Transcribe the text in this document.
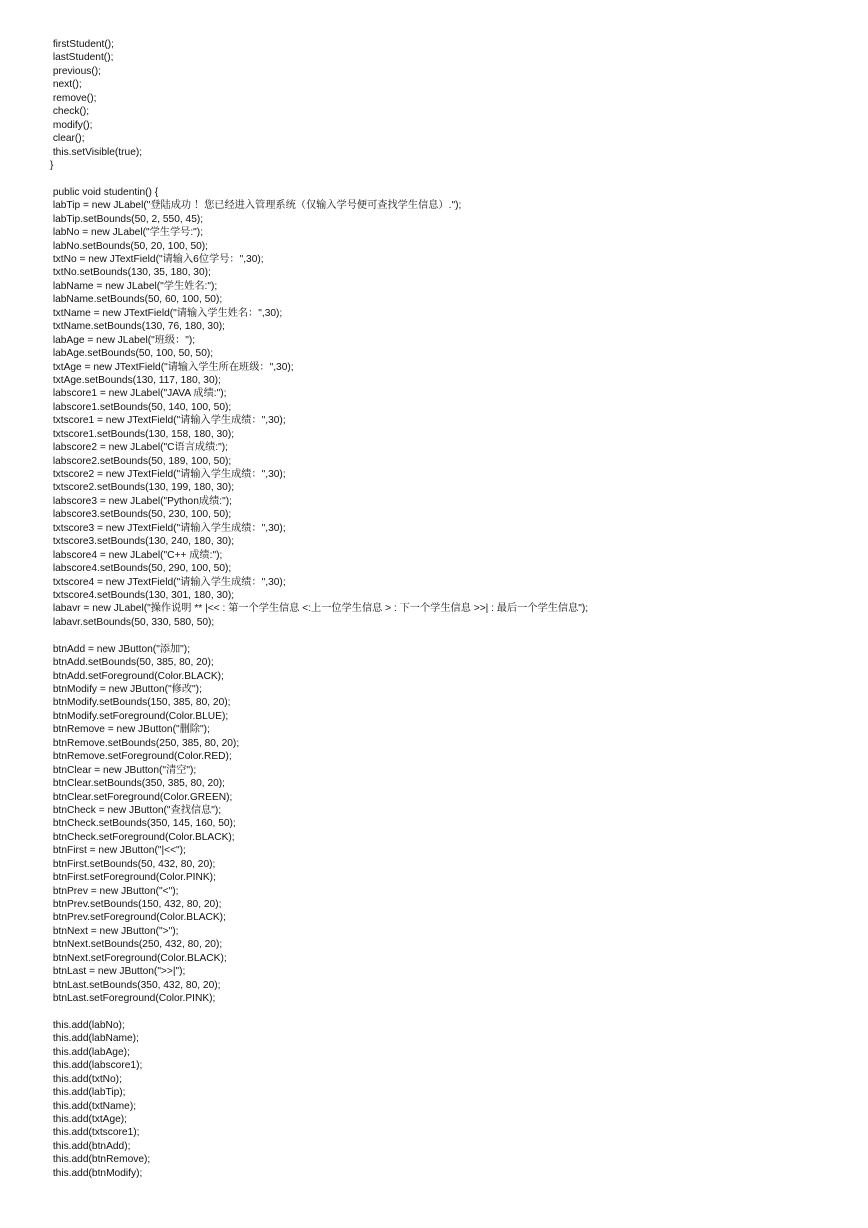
firstStudent();
lastStudent();
previous();
next();
remove();
check();
modify();
clear();
this.setVisible(true);
}
public void studentin() {
labTip = new JLabel("登陆成功 ！您已经进入管理系统（仅输入学号便可查找学生信息）.");
labTip.setBounds(50, 2, 550, 45);
labNo = new JLabel("学生学号:");
labNo.setBounds(50, 20, 100, 50);
txtNo = new JTextField("请输入6位学号：",30);
txtNo.setBounds(130, 35, 180, 30);
labName = new JLabel("学生姓名:");
labName.setBounds(50, 60, 100, 50);
txtName = new JTextField("请输入学生姓名：",30);
txtName.setBounds(130, 76, 180, 30);
labAge = new JLabel("班级：");
labAge.setBounds(50, 100, 50, 50);
txtAge = new JTextField("请输入学生所在班级：",30);
txtAge.setBounds(130, 117, 180, 30);
labscore1 = new JLabel("JAVA 成绩:");
labscore1.setBounds(50, 140, 100, 50);
txtscore1 = new JTextField("请输入学生成绩：",30);
txtscore1.setBounds(130, 158, 180, 30);
labscore2 = new JLabel("C语言成绩:");
labscore2.setBounds(50, 189, 100, 50);
txtscore2 = new JTextField("请输入学生成绩：",30);
txtscore2.setBounds(130, 199, 180, 30);
labscore3 = new JLabel("Python成绩:");
labscore3.setBounds(50, 230, 100, 50);
txtscore3 = new JTextField("请输入学生成绩：",30);
txtscore3.setBounds(130, 240, 180, 30);
labscore4 = new JLabel("C++ 成绩:");
labscore4.setBounds(50, 290, 100, 50);
txtscore4 = new JTextField("请输入学生成绩：",30);
txtscore4.setBounds(130, 301, 180, 30);
labavr = new JLabel("操作说明 ** |<< : 第一个学生信息 <:上一位学生信息 > : 下一个学生信息 >>| : 最后一个学生信息");
labavr.setBounds(50, 330, 580, 50);
btnAdd = new JButton("添加");
btnAdd.setBounds(50, 385, 80, 20);
btnAdd.setForeground(Color.BLACK);
btnModify = new JButton("修改");
btnModify.setBounds(150, 385, 80, 20);
btnModify.setForeground(Color.BLUE);
btnRemove = new JButton("删除");
btnRemove.setBounds(250, 385, 80, 20);
btnRemove.setForeground(Color.RED);
btnClear = new JButton("清空");
btnClear.setBounds(350, 385, 80, 20);
btnClear.setForeground(Color.GREEN);
btnCheck = new JButton("查找信息");
btnCheck.setBounds(350, 145, 160, 50);
btnCheck.setForeground(Color.BLACK);
btnFirst = new JButton("|<<");
btnFirst.setBounds(50, 432, 80, 20);
btnFirst.setForeground(Color.PINK);
btnPrev = new JButton("<");
btnPrev.setBounds(150, 432, 80, 20);
btnPrev.setForeground(Color.BLACK);
btnNext = new JButton(">");
btnNext.setBounds(250, 432, 80, 20);
btnNext.setForeground(Color.BLACK);
btnLast = new JButton(">>|");
btnLast.setBounds(350, 432, 80, 20);
btnLast.setForeground(Color.PINK);
this.add(labNo);
this.add(labName);
this.add(labAge);
this.add(labscore1);
this.add(txtNo);
this.add(labTip);
this.add(txtName);
this.add(txtAge);
this.add(txtscore1);
this.add(btnAdd);
this.add(btnRemove);
this.add(btnModify);
